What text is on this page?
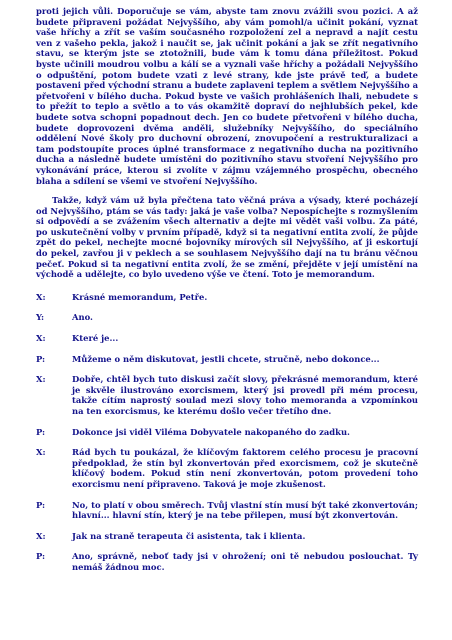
proti jejich vůli. Doporučuje se vám, abyste tam znovu zvážili svou pozici. A až budete připraveni požádat Nejvyššího, aby vám pomohl/a učinit pokání, vyznat vaše hříchy a zřít se vaším současného rozpoložení zel a nepravd a najít cestu ven z vašeho pekla, jakož i naučit se, jak učinit pokání a jak se zřít negativního stavu, se kterým jste se ztotožnili, bude vám k tomu dána příležitost. Pokud byste učinili moudrou volbu a kálí se a vyznali vaše hříchy a požádali Nejvyššího o odpuštění, potom budete vzati z levé strany, kde jste právě teď, a budete postaveni před východní stranu a budete zaplaveni teplem a světlem Nejvyššího a přetvořeni v bílého ducha. Pokud byste ve vašich prohlášeních lhali, nebudete s to přežít to teplo a světlo a to vás okamžitě dopraví do nejhlubších pekel, kde budete sotva schopni popadnout dech. Jen co budete přetvořeni v bílého ducha, budete doprovozeni dvěma anděli, služebníky Nejvyššího, do speciálního oddělení Nové školy pro duchovní obrození, znovupočení a restrukturalizaci a tam podstoupíte proces úplné transformace z negativního ducha na pozitivního ducha a následně budete umístěni do pozitivního stavu stvoření Nejvyššího pro vykonávání práce, kterou si zvolíte v zájmu vzájemného prospěchu, obecného blaha a sdílení se všemi ve stvoření Nejvyššího.

Takže, když vám už byla přečtena tato věčná práva a výsady, které pocházejí od Nejvyššího, ptám se vás tady: jaká je vaše volba? Nepospíchejte s rozmyšlením si odpovědí a se zvážením všech alternativ a dejte mi vědět vaši volbu. Za páté, po uskutečnění volby v prvním případě, když si ta negativní entita zvolí, že půjde zpět do pekel, nechejte mocné bojovníky mírových sil Nejvyššího, ať ji eskortují do pekel, zavřou ji v peklech a se souhlasem Nejvyššího dají na tu bránu věčnou pečeť. Pokud si ta negativní entita zvolí, že se změní, přejděte v její umístění na východě a udělejte, co bylo uvedeno výše ve čtení. Toto je memorandum.

X:	Krásné memorandum, Petře.
Y:	Ano.
X:	Které je...
P:	Můžeme o něm diskutovat, jestli chcete, stručně, nebo dokonce...
X:	Dobře, chtěl bych tuto diskusi začít slovy, překrásné memorandum, které je skvěle ilustrováno exorcismem, který jsi provedl při mém procesu, takže cítím naprostý soulad mezi slovy toho memoranda a vzpomínkou na ten exorcismus, ke kterému došlo večer třetího dne.
P:	Dokonce jsi viděl Viléma Dobyvatele nakopaného do zadku.
X:	Rád bych tu poukázal, že klíčovým faktorem celého procesu je pracovní předpoklad, že stín byl zkonvertován před exorcismem, což je skutečně klíčový bodem. Pokud stín není zkonvertován, potom provedení toho exorcismu není připraveno. Taková je moje zkušenost.
P:	No, to platí v obou směrech. Tvůj vlastní stín musí být také zkonvertován; hlavní... hlavní stín, který je na tebe přilepen, musí být zkonvertován.
X:	Jak na straně terapeuta či asistenta, tak i klienta.
P:	Ano, správně, neboť tady jsi v ohrožení; oni tě nebudou poslouchat. Ty nemáš žádnou moc.
